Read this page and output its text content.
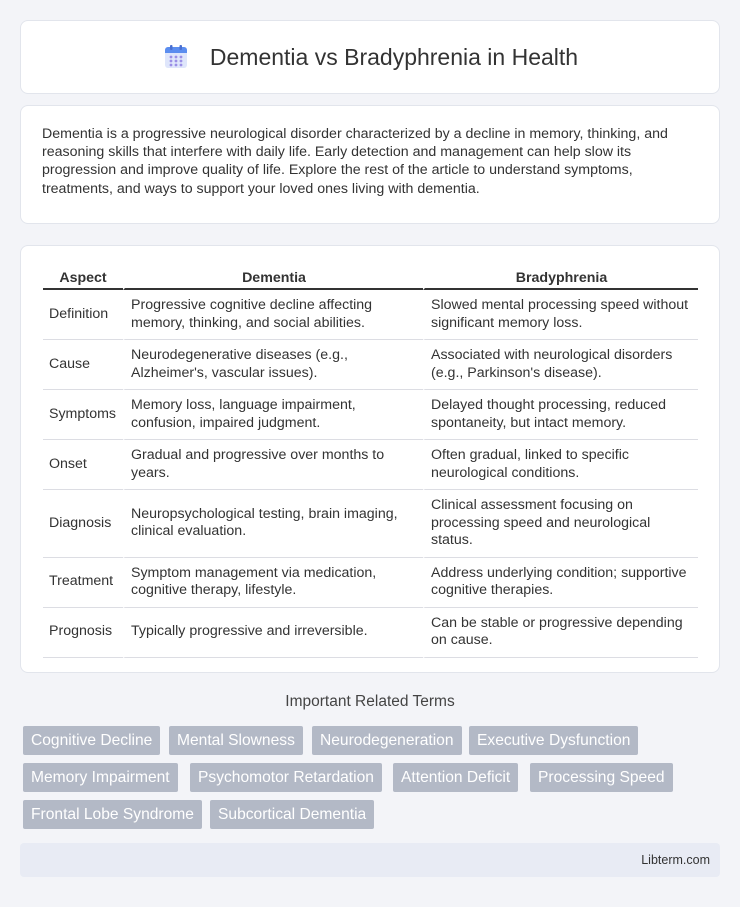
Dementia vs Bradyphrenia in Health

Dementia is a progressive neurological disorder characterized by a decline in memory, thinking, and reasoning skills that interfere with daily life. Early detection and management can help slow its progression and improve quality of life. Explore the rest of the article to understand symptoms, treatments, and ways to support your loved ones living with dementia.

Aspect	Dementia	Bradyphrenia
Definition	Progressive cognitive decline affecting memory, thinking, and social abilities.	Slowed mental processing speed without significant memory loss.
Cause	Neurodegenerative diseases (e.g., Alzheimer's, vascular issues).	Associated with neurological disorders (e.g., Parkinson's disease).
Symptoms	Memory loss, language impairment, confusion, impaired judgment.	Delayed thought processing, reduced spontaneity, but intact memory.
Onset	Gradual and progressive over months to years.	Often gradual, linked to specific neurological conditions.
Diagnosis	Neuropsychological testing, brain imaging, clinical evaluation.	Clinical assessment focusing on processing speed and neurological status.
Treatment	Symptom management via medication, cognitive therapy, lifestyle.	Address underlying condition; supportive cognitive therapies.
Prognosis	Typically progressive and irreversible.	Can be stable or progressive depending on cause.
Important Related Terms
Cognitive Decline	Mental Slowness	Neurodegeneration	Executive Dysfunction
Memory Impairment	Psychomotor Retardation	Attention Deficit	Processing Speed
Frontal Lobe Syndrome	Subcortical Dementia
Libterm.com
